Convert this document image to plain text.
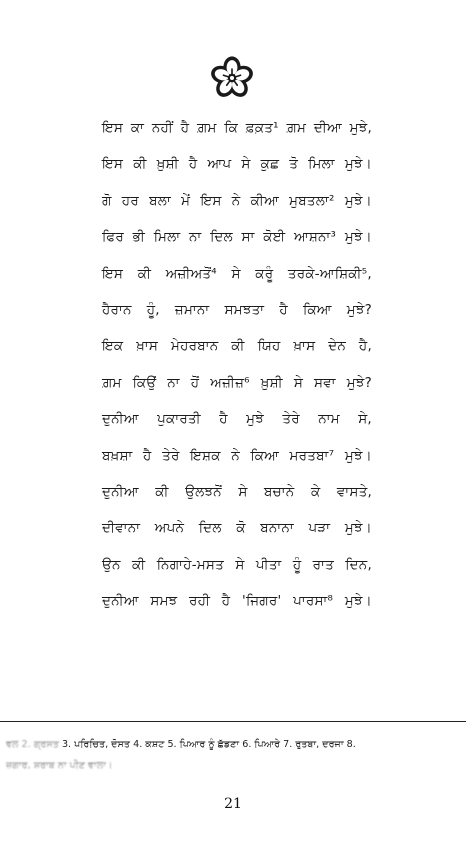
ਇਸ ਕਾ ਨਹੀਂ ਹੈ ਗ਼ਮ ਕਿ ਫ਼ਕ਼ਤ¹ ਗ਼ਮ ਦੀਆ ਮੁਝੇ,
ਇਸ ਕੀ ਖ਼ੁਸ਼ੀ ਹੈ ਆਪ ਸੇ ਕੁਛ ਤੋ ਮਿਲਾ ਮੁਝੇ।
ਗੋ ਹਰ ਬਲਾ ਮੇਂ ਇਸ ਨੇ ਕੀਆ ਮੁਬਤਲਾ² ਮੁਝੇ।
ਫਿਰ ਭੀ ਮਿਲਾ ਨਾ ਦਿਲ ਸਾ ਕੋਈ ਆਸ਼ਨਾ³ ਮੁਝੇ।
ਇਸ ਕੀ ਅਜ਼ੀਅਤੋਂ⁴ ਸੇ ਕਰੂੰ ਤਰਕੇ-ਆਸ਼ਿਕੀ⁵,
ਹੈਰਾਨ ਹੂੰ, ਜ਼ਮਾਨਾ ਸਮਝਤਾ ਹੈ ਕਿਆ ਮੁਝੇ?
ਇਕ ਖ਼ਾਸ ਮੇਹਰਬਾਨ ਕੀ ਯਿਹ ਖ਼ਾਸ ਦੇਨ ਹੈ,
ਗ਼ਮ ਕਿਉਂ ਨਾ ਹੋਂ ਅਜ਼ੀਜ਼⁶ ਖ਼ੁਸ਼ੀ ਸੇ ਸਵਾ ਮੁਝੇ?
ਦੁਨੀਆ ਪੁਕਾਰਤੀ ਹੈ ਮੁਝੇ ਤੇਰੇ ਨਾਮ ਸੇ,
ਬਖ਼ਸ਼ਾ ਹੈ ਤੇਰੇ ਇਸ਼ਕ ਨੇ ਕਿਆ ਮਰਤਬਾ⁷ ਮੁਝੇ।
ਦੁਨੀਆ ਕੀ ਉਲਝਨੋਂ ਸੇ ਬਚਾਨੇ ਕੇ ਵਾਸਤੇ,
ਦੀਵਾਨਾ ਅਪਨੇ ਦਿਲ ਕੋ ਬਨਾਨਾ ਪੜਾ ਮੁਝੇ।
ਉਨ ਕੀ ਨਿਗਾਹੇ-ਮਸਤ ਸੇ ਪੀਤਾ ਹੂੰ ਰਾਤ ਦਿਨ,
ਦੁਨੀਆ ਸਮਝ ਰਹੀ ਹੈ 'ਜਿਗਰ' ਪਾਰਸਾ⁸ ਮੁਝੇ।
ਵਲ 2. ਗ੍ਰਸਤ 3. ਪਰਿਚਿਤ, ਦੋਸਤ 4. ਕਸ਼ਟ 5. ਪਿਆਰ ਨੂੰ ਛੱਡਣਾ 6. ਪਿਆਰੇ 7. ਰੁਤਬਾ, ਦਰਜਾ 8.
ਜ਼ਗਾਰ, ਸ਼ਰਾਬ ਨਾ ਪੀਣ ਵਾਲਾ।
21
